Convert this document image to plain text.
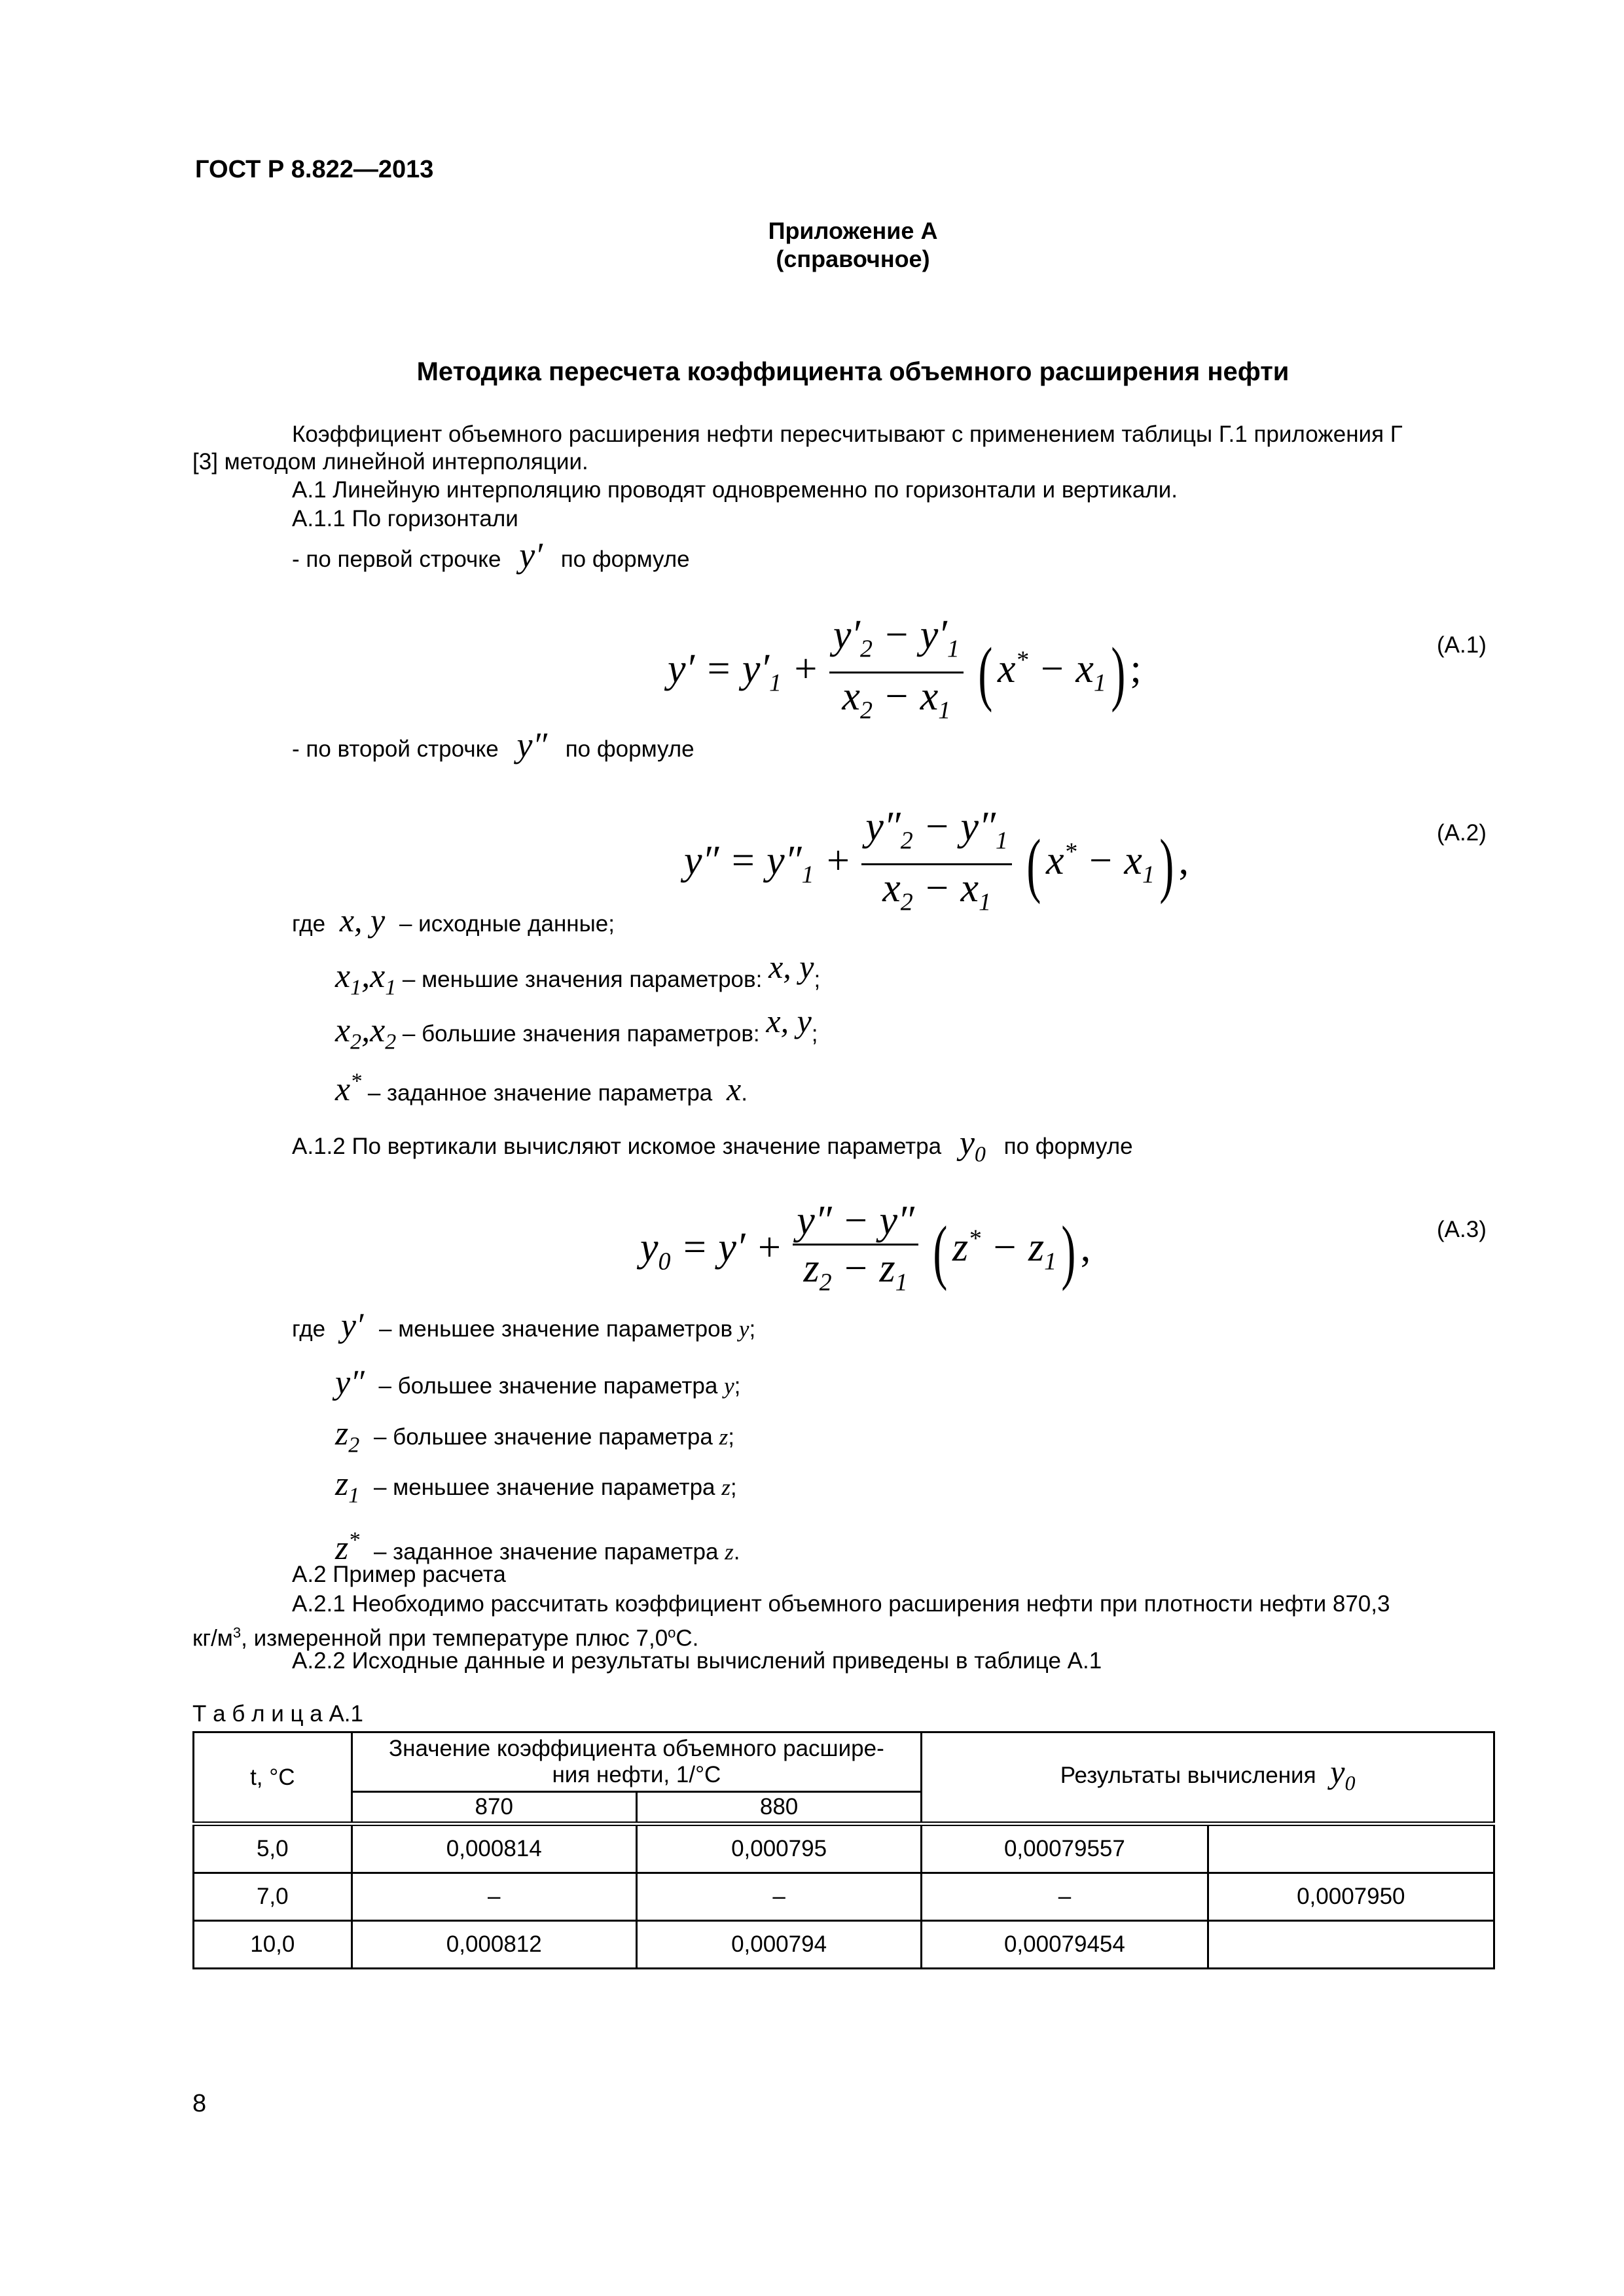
ГОСТ Р 8.822—2013
Приложение А
(справочное)
Методика пересчета коэффициента объемного расширения нефти
Коэффициент объемного расширения нефти пересчитывают с применением таблицы Г.1 приложения Г
[3] методом линейной интерполяции.
А.1 Линейную интерполяцию проводят одновременно по горизонтали и вертикали.
А.1.1 По горизонтали
- по первой строчке y′ по формуле
$y' = y'_1 + \frac{y'_2 - y'_1}{x_2 - x_1}$ ( $x^* - x_1$) ;
(А.1)
- по второй строчке y″ по формуле
$y'' = y''_1 + \frac{y''_2 - y''_1}{x_2 - x_1}$ ( $x^* - x_1$) ,
(А.2)
где x, y – исходные данные;
$x_1,x_1$ – меньшие значения параметров: x, y;
$x_2,x_2$ – большие значения параметров: x, y;
x* – заданное значение параметра x.
А.1.2 По вертикали вычисляют искомое значение параметра $y_0$ по формуле
$y_0 = y' + \frac{y'' - y''}{z_2 - z_1}$ ( $z^* - z_1$) ,	(А.3)
где y′ – меньшее значение параметров y;
y″ – большее значение параметра y;
$z_2$ – большее значение параметра z;
$z_1$ – меньшее значение параметра z;
z* – заданное значение параметра z.
А.2 Пример расчета
А.2.1 Необходимо рассчитать коэффициент объемного расширения нефти при плотности нефти 870,3
$кг/м^3$, измеренной при температуре плюс 7,0$^o$С.
А.2.2 Исходные данные и результаты вычислений приведены в таблице А.1
Т а б л и ц а А.1
t, °С	Значение коэффициента объемного расшире-
ния нефти, 1/°С		Результаты вычисления $y_0$
	870	880		
5,0	0,000814	0,000795	0,00079557	
7,0	–	–	–	0,0007950
10,0	0,000812	0,000794	0,00079454	
8
